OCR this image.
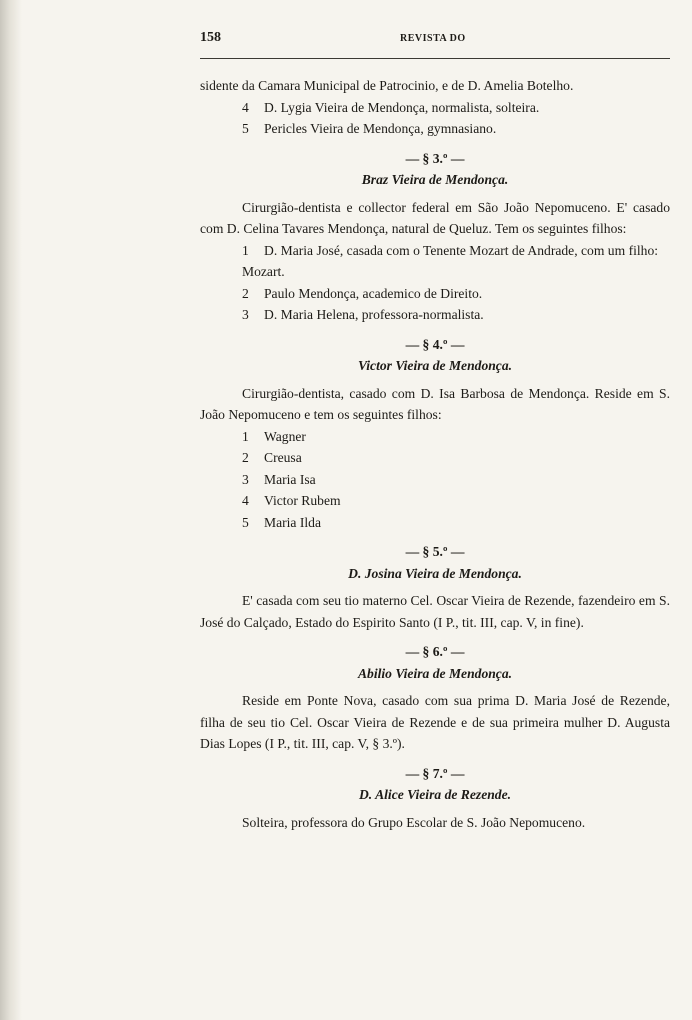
158	REVISTA DO

sidente da Camara Municipal de Patrocinio, e de D. Amelia Botelho.

4 D. Lygia Vieira de Mendonça, normalista, solteira.

5 Pericles Vieira de Mendonça, gymnasiano.

— § 3.º —
Braz Vieira de Mendonça.

Cirurgião-dentista e collector federal em São João Nepomuceno. E' casado com D. Celina Tavares Mendonça, natural de Queluz. Tem os seguintes filhos:

1 D. Maria José, casada com o Tenente Mozart de Andrade, com um filho: Mozart.

2 Paulo Mendonça, academico de Direito.

3 D. Maria Helena, professora-normalista.

— § 4.º —
Victor Vieira de Mendonça.

Cirurgião-dentista, casado com D. Isa Barbosa de Mendonça. Reside em S. João Nepomuceno e tem os seguintes filhos:

1 Wagner

2 Creusa

3 Maria Isa

4 Victor Rubem

5 Maria Ilda

— § 5.º —
D. Josina Vieira de Mendonça.

E' casada com seu tio materno Cel. Oscar Vieira de Rezende, fazendeiro em S. José do Calçado, Estado do Espirito Santo (I P., tit. III, cap. V, in fine).

— § 6.º —
Abilio Vieira de Mendonça.

Reside em Ponte Nova, casado com sua prima D. Maria José de Rezende, filha de seu tio Cel. Oscar Vieira de Rezende e de sua primeira mulher D. Augusta Dias Lopes (I P., tit. III, cap. V, § 3.º).

— § 7.º —
D. Alice Vieira de Rezende.

Solteira, professora do Grupo Escolar de S. João Nepomuceno.
